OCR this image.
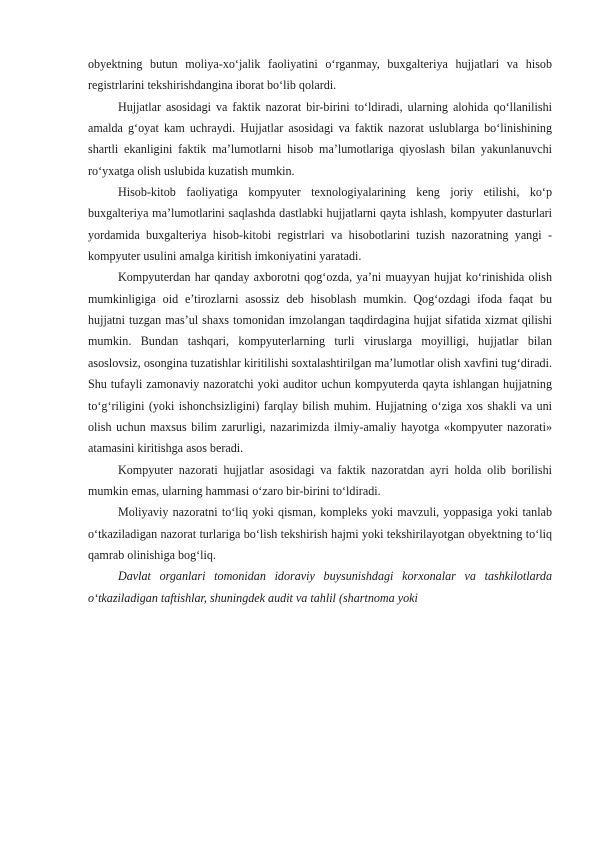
obyektning butun moliya-xo‘jalik faoliyatini o‘rganmay, buxgalteriya hujjatlari va hisob registrlarini tekshirishdangina iborat bo‘lib qolardi.

Hujjatlar asosidagi va faktik nazorat bir-birini to‘ldiradi, ularning alohida qo‘llanilishi amalda g‘oyat kam uchraydi. Hujjatlar asosidagi va faktik nazorat uslublarga bo‘linishining shartli ekanligini faktik ma’lumotlarni hisob ma’lumotlariga qiyoslash bilan yakunlanuvchi ro‘yxatga olish uslubida kuzatish mumkin.

Hisob-kitob faoliyatiga kompyuter texnologiyalarining keng joriy etilishi, ko‘p buxgalteriya ma’lumotlarini saqlashda dastlabki hujjatlarni qayta ishlash, kompyuter dasturlari yordamida buxgalteriya hisob-kitobi registrlari va hisobotlarini tuzish nazoratning yangi - kompyuter usulini amalga kiritish imkoniyatini yaratadi.

Kompyuterdan har qanday axborotni qog‘ozda, ya’ni muayyan hujjat ko‘rinishida olish mumkinligiga oid e’tirozlarni asossiz deb hisoblash mumkin. Qog‘ozdagi ifoda faqat bu hujjatni tuzgan mas’ul shaxs tomonidan imzolangan taqdirdagina hujjat sifatida xizmat qilishi mumkin. Bundan tashqari, kompyuterlarning turli viruslarga moyilligi, hujjatlar bilan asoslovsiz, osongina tuzatishlar kiritilishi soxtalashtirilgan ma’lumotlar olish xavfini tug‘diradi. Shu tufayli zamonaviy nazoratchi yoki auditor uchun kompyuterda qayta ishlangan hujjatning to‘g‘riligini (yoki ishonchsizligini) farqlay bilish muhim. Hujjatning o‘ziga xos shakli va uni olish uchun maxsus bilim zarurligi, nazarimizda ilmiy-amaliy hayotga «kompyuter nazorati» atamasini kiritishga asos beradi.

Kompyuter nazorati hujjatlar asosidagi va faktik nazoratdan ayri holda olib borilishi mumkin emas, ularning hammasi o‘zaro bir-birini to‘ldiradi.

Moliyaviy nazoratni to‘liq yoki qisman, kompleks yoki mavzuli, yoppasiga yoki tanlab o‘tkaziladigan nazorat turlariga bo‘lish tekshirish hajmi yoki tekshirilayotgan obyektning to‘liq qamrab olinishiga bog‘liq.

Davlat organlari tomonidan idoraviy buysunishdagi korxonalar va tashkilotlarda o‘tkaziladigan taftishlar, shuningdek audit va tahlil (shartnoma yoki
